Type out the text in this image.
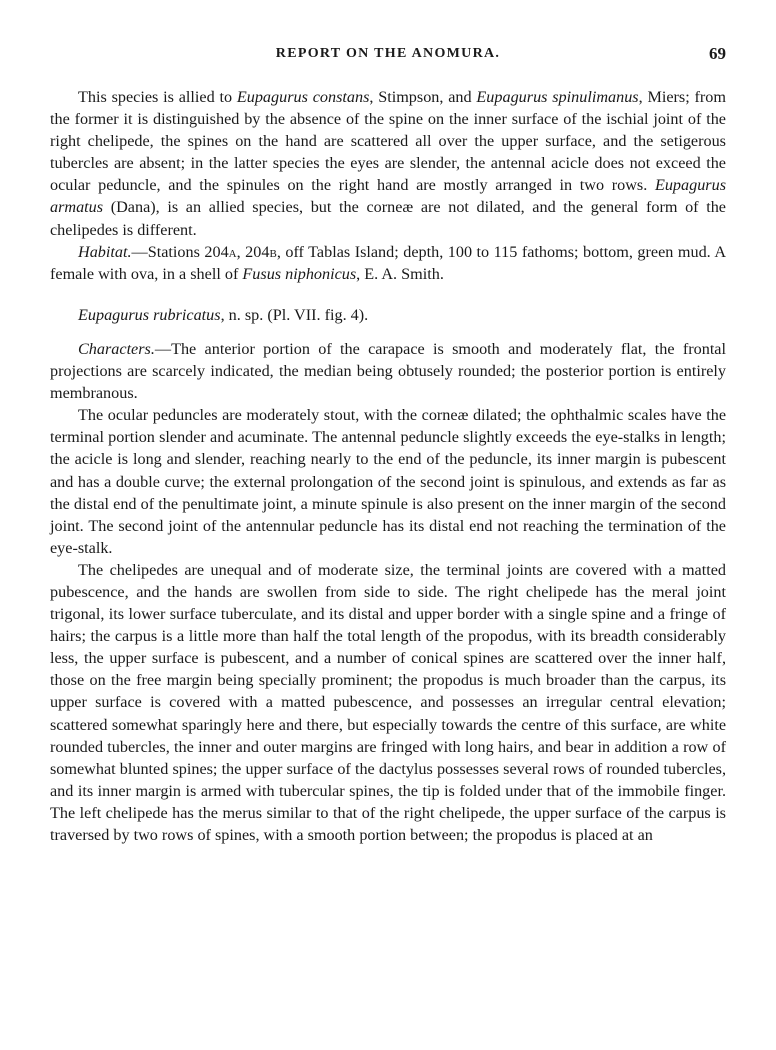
REPORT ON THE ANOMURA.	69

This species is allied to Eupagurus constans, Stimpson, and Eupagurus spinulimanus, Miers; from the former it is distinguished by the absence of the spine on the inner surface of the ischial joint of the right chelipede, the spines on the hand are scattered all over the upper surface, and the setigerous tubercles are absent; in the latter species the eyes are slender, the antennal acicle does not exceed the ocular peduncle, and the spinules on the right hand are mostly arranged in two rows. Eupagurus armatus (Dana), is an allied species, but the corneæ are not dilated, and the general form of the chelipedes is different.

Habitat.—Stations 204a, 204b, off Tablas Island; depth, 100 to 115 fathoms; bottom, green mud. A female with ova, in a shell of Fusus niphonicus, E. A. Smith.

Eupagurus rubricatus, n. sp. (Pl. VII. fig. 4).

Characters.—The anterior portion of the carapace is smooth and moderately flat, the frontal projections are scarcely indicated, the median being obtusely rounded; the posterior portion is entirely membranous.

The ocular peduncles are moderately stout, with the corneæ dilated; the ophthalmic scales have the terminal portion slender and acuminate. The antennal peduncle slightly exceeds the eye-stalks in length; the acicle is long and slender, reaching nearly to the end of the peduncle, its inner margin is pubescent and has a double curve; the external prolongation of the second joint is spinulous, and extends as far as the distal end of the penultimate joint, a minute spinule is also present on the inner margin of the second joint. The second joint of the antennular peduncle has its distal end not reaching the termination of the eye-stalk.

The chelipedes are unequal and of moderate size, the terminal joints are covered with a matted pubescence, and the hands are swollen from side to side. The right chelipede has the meral joint trigonal, its lower surface tuberculate, and its distal and upper border with a single spine and a fringe of hairs; the carpus is a little more than half the total length of the propodus, with its breadth considerably less, the upper surface is pubescent, and a number of conical spines are scattered over the inner half, those on the free margin being specially prominent; the propodus is much broader than the carpus, its upper surface is covered with a matted pubescence, and possesses an irregular central elevation; scattered somewhat sparingly here and there, but especially towards the centre of this surface, are white rounded tubercles, the inner and outer margins are fringed with long hairs, and bear in addition a row of somewhat blunted spines; the upper surface of the dactylus possesses several rows of rounded tubercles, and its inner margin is armed with tubercular spines, the tip is folded under that of the immobile finger. The left chelipede has the merus similar to that of the right chelipede, the upper surface of the carpus is traversed by two rows of spines, with a smooth portion between; the propodus is placed at an
